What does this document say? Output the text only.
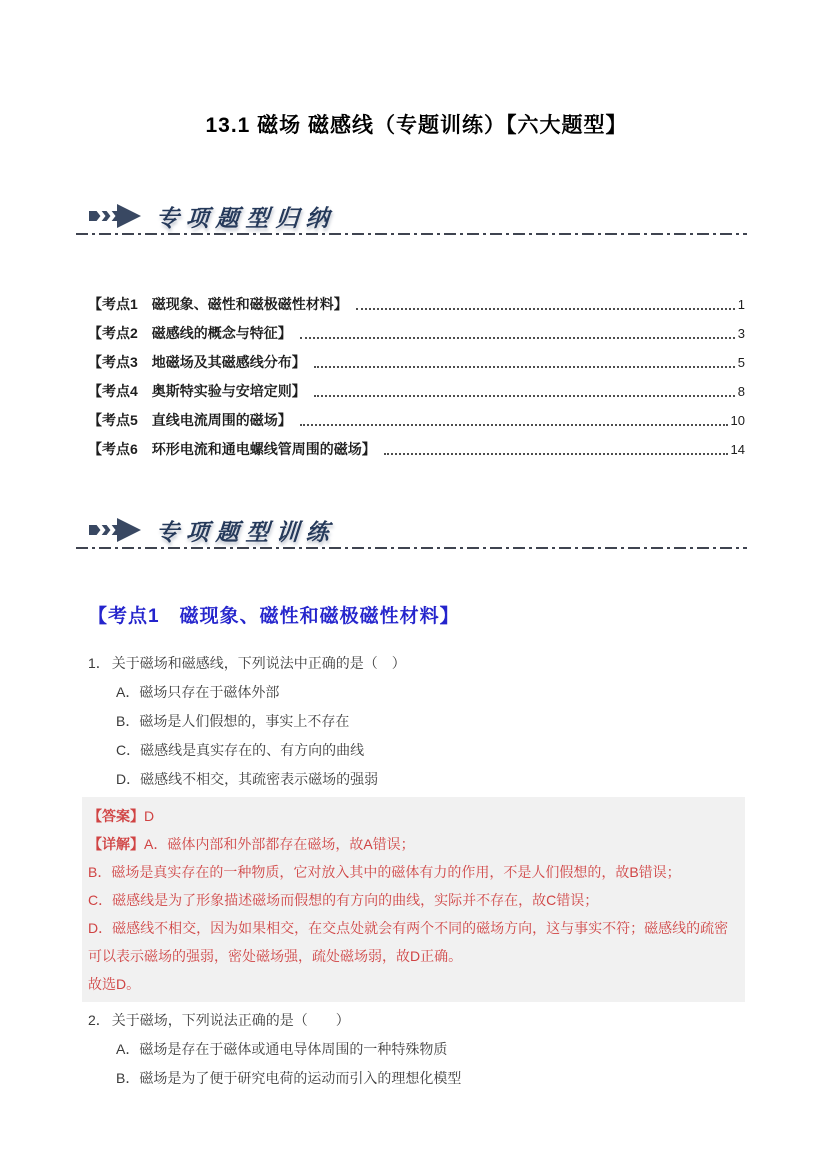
13.1 磁场 磁感线（专题训练）【六大题型】
专项题型归纳
【考点1　磁现象、磁性和磁极磁性材料】	1
【考点2　磁感线的概念与特征】	3
【考点3　地磁场及其磁感线分布】	5
【考点4　奥斯特实验与安培定则】	8
【考点5　直线电流周围的磁场】	10
【考点6　环形电流和通电螺线管周围的磁场】	14
专项题型训练
【考点1　磁现象、磁性和磁极磁性材料】
1． 关于磁场和磁感线，下列说法中正确的是（　）
A．磁场只存在于磁体外部
B．磁场是人们假想的，事实上不存在
C．磁感线是真实存在的、有方向的曲线
D．磁感线不相交，其疏密表示磁场的强弱
【答案】D
【详解】A．磁体内部和外部都存在磁场，故A错误；
B．磁场是真实存在的一种物质，它对放入其中的磁体有力的作用，不是人们假想的，故B错误；
C．磁感线是为了形象描述磁场而假想的有方向的曲线，实际并不存在，故C错误；
D．磁感线不相交，因为如果相交，在交点处就会有两个不同的磁场方向，这与事实不符；磁感线的疏密可以表示磁场的强弱，密处磁场强，疏处磁场弱，故D正确。
故选D。
2． 关于磁场，下列说法正确的是（　　）
A．磁场是存在于磁体或通电导体周围的一种特殊物质
B．磁场是为了便于研究电荷的运动而引入的理想化模型
